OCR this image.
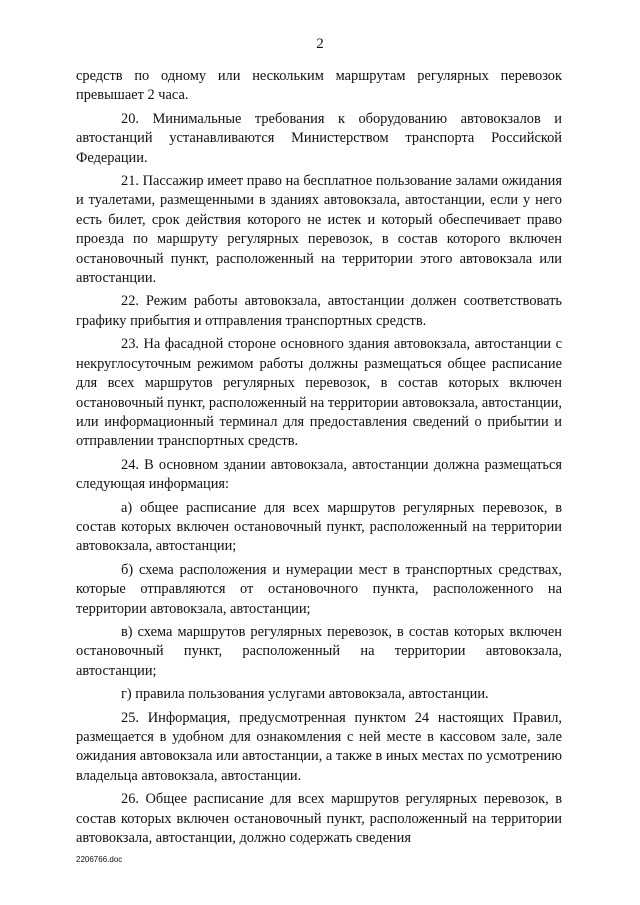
2

средств по одному или нескольким маршрутам регулярных перевозок превышает 2 часа.

20. Минимальные требования к оборудованию автовокзалов и автостанций устанавливаются Министерством транспорта Российской Федерации.

21. Пассажир имеет право на бесплатное пользование залами ожидания и туалетами, размещенными в зданиях автовокзала, автостанции, если у него есть билет, срок действия которого не истек и который обеспечивает право проезда по маршруту регулярных перевозок, в состав которого включен остановочный пункт, расположенный на территории этого автовокзала или автостанции.

22. Режим работы автовокзала, автостанции должен соответствовать графику прибытия и отправления транспортных средств.

23. На фасадной стороне основного здания автовокзала, автостанции с некруглосуточным режимом работы должны размещаться общее расписание для всех маршрутов регулярных перевозок, в состав которых включен остановочный пункт, расположенный на территории автовокзала, автостанции, или информационный терминал для предоставления сведений о прибытии и отправлении транспортных средств.

24. В основном здании автовокзала, автостанции должна размещаться следующая информация:

а) общее расписание для всех маршрутов регулярных перевозок, в состав которых включен остановочный пункт, расположенный на территории автовокзала, автостанции;

б) схема расположения и нумерации мест в транспортных средствах, которые отправляются от остановочного пункта, расположенного на территории автовокзала, автостанции;

в) схема маршрутов регулярных перевозок, в состав которых включен остановочный пункт, расположенный на территории автовокзала, автостанции;

г) правила пользования услугами автовокзала, автостанции.

25. Информация, предусмотренная пунктом 24 настоящих Правил, размещается в удобном для ознакомления с ней месте в кассовом зале, зале ожидания автовокзала или автостанции, а также в иных местах по усмотрению владельца автовокзала, автостанции.

26. Общее расписание для всех маршрутов регулярных перевозок, в состав которых включен остановочный пункт, расположенный на территории автовокзала, автостанции, должно содержать сведения

2206766.doc
